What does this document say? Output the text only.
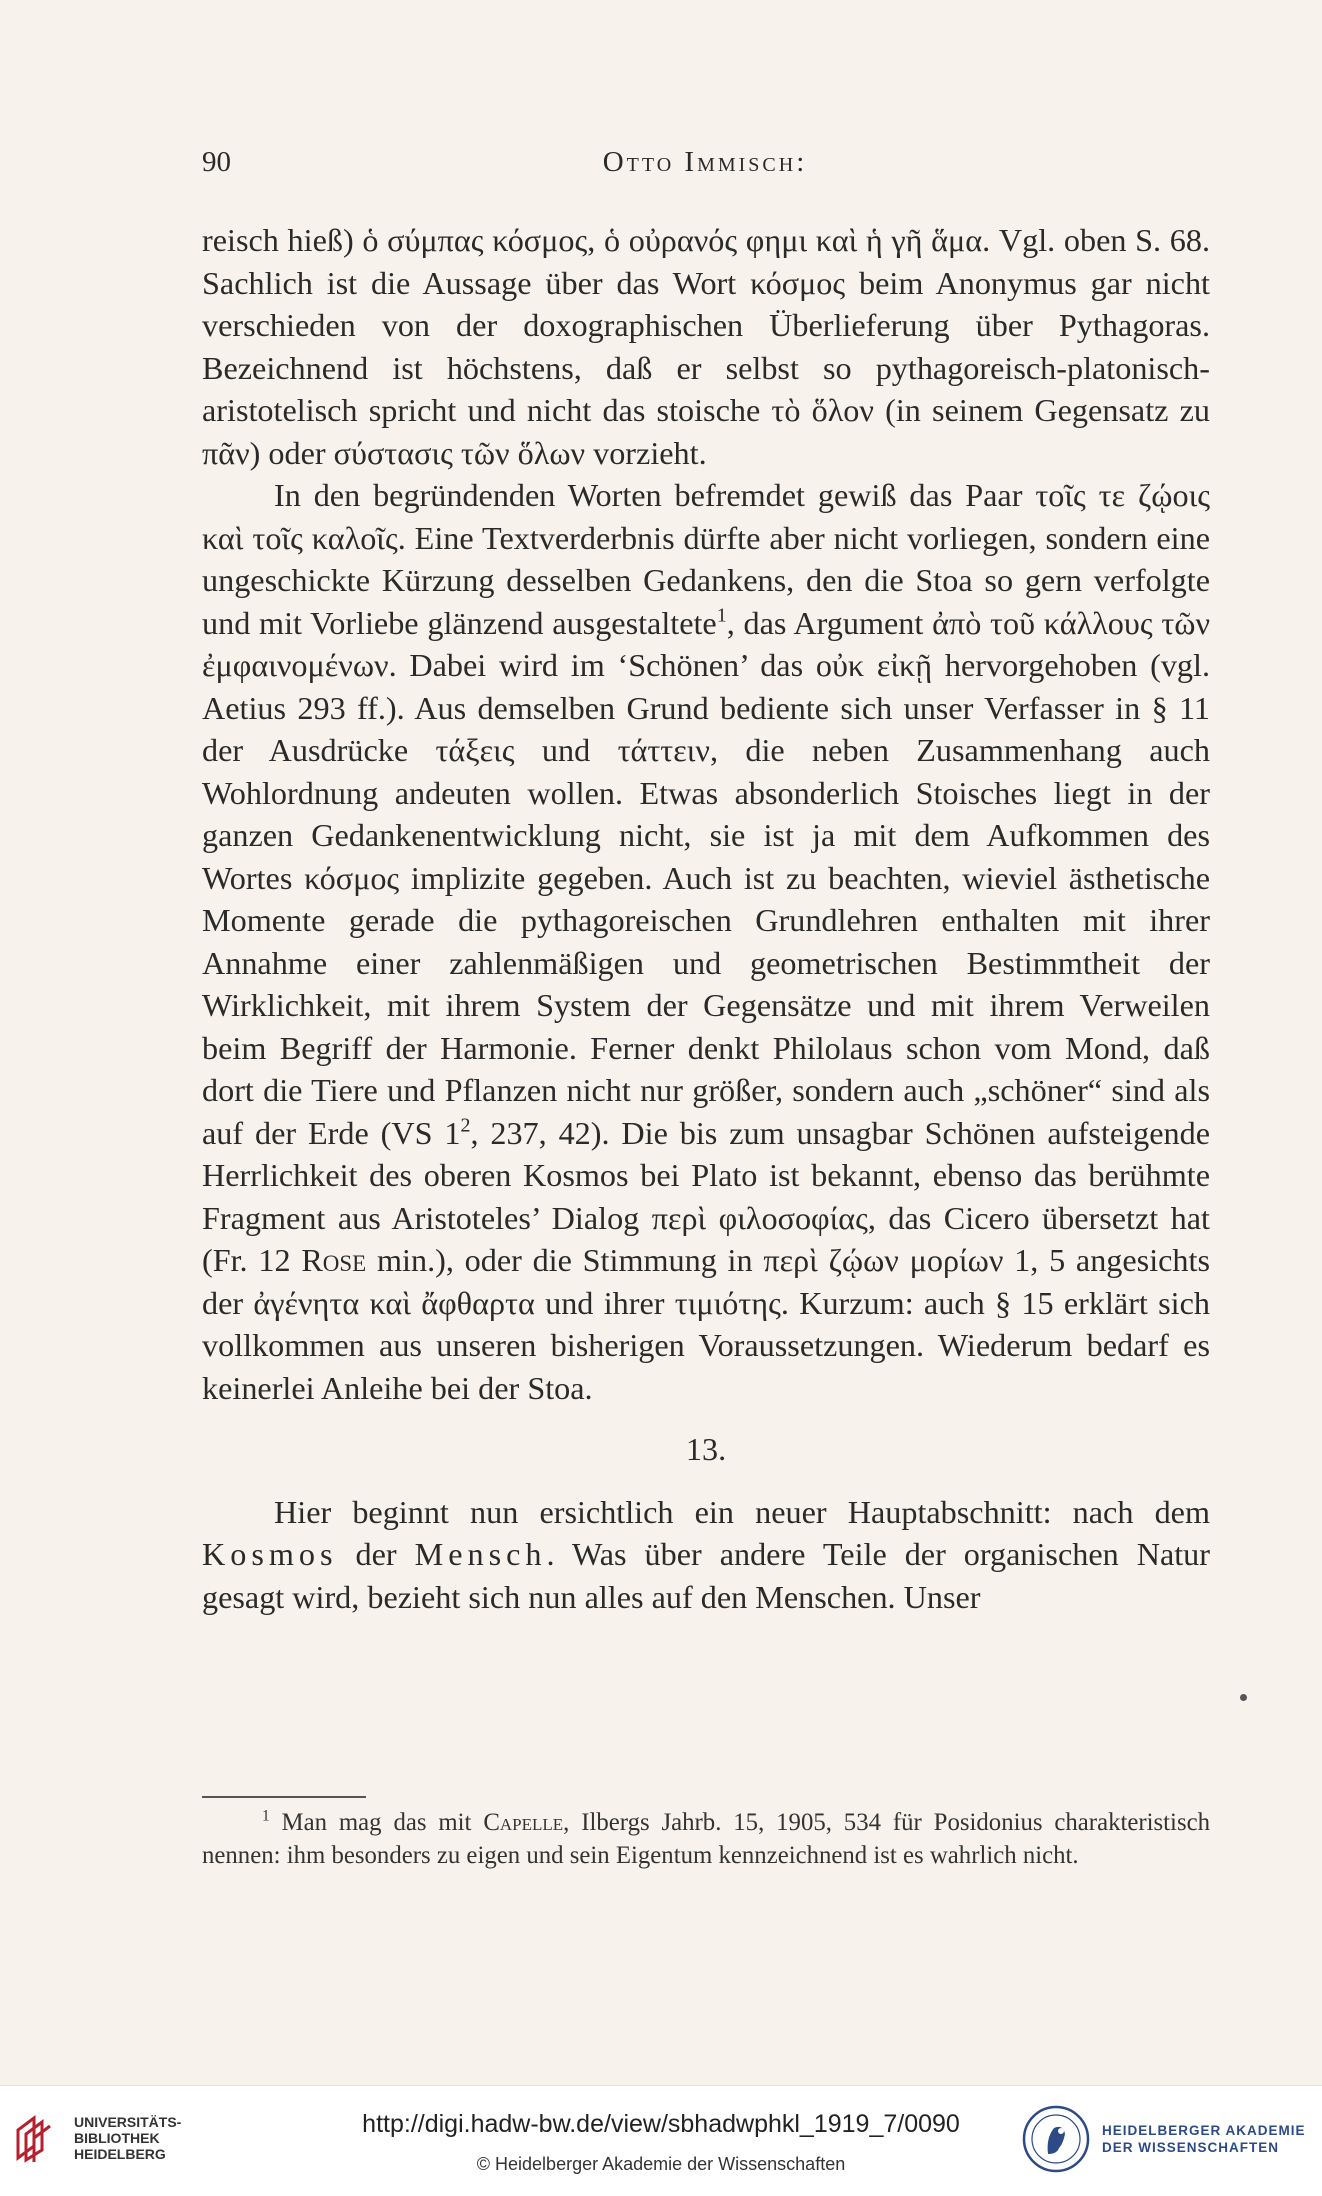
90	Otto Immisch:

reisch hieß) ὁ σύμπας κόσμος, ὁ οὐρανός φημι καὶ ἡ γῆ ἅμα. Vgl. oben S. 68. Sachlich ist die Aussage über das Wort κόσμος beim Anonymus gar nicht verschieden von der doxographischen Überlieferung über Pythagoras. Bezeichnend ist höchstens, daß er selbst so pythagoreisch-platonisch-aristotelisch spricht und nicht das stoische τὸ ὅλον (in seinem Gegensatz zu πᾶν) oder σύστασις τῶν ὅλων vorzieht.

In den begründenden Worten befremdet gewiß das Paar τοῖς τε ζῴοις καὶ τοῖς καλοῖς. Eine Textverderbnis dürfte aber nicht vorliegen, sondern eine ungeschickte Kürzung desselben Gedankens, den die Stoa so gern verfolgte und mit Vorliebe glänzend ausgestaltete$^1$, das Argument ἀπὸ τοῦ κάλλους τῶν ἐμφαινομένων. Dabei wird im ‘Schönen’ das οὐκ εἰκῇ hervorgehoben (vgl. Aetius 293 ff.). Aus demselben Grund bediente sich unser Verfasser in § 11 der Ausdrücke τάξεις und τάττειν, die neben Zusammenhang auch Wohlordnung andeuten wollen. Etwas absonderlich Stoisches liegt in der ganzen Gedankenentwicklung nicht, sie ist ja mit dem Aufkommen des Wortes κόσμος implizite gegeben. Auch ist zu beachten, wieviel ästhetische Momente gerade die pythagoreischen Grundlehren enthalten mit ihrer Annahme einer zahlenmäßigen und geometrischen Bestimmtheit der Wirklichkeit, mit ihrem System der Gegensätze und mit ihrem Verweilen beim Begriff der Harmonie. Ferner denkt Philolaus schon vom Mond, daß dort die Tiere und Pflanzen nicht nur größer, sondern auch „schöner“ sind als auf der Erde (VS $1^2$, 237, 42). Die bis zum unsagbar Schönen aufsteigende Herrlichkeit des oberen Kosmos bei Plato ist bekannt, ebenso das berühmte Fragment aus Aristoteles’ Dialog περὶ φιλοσοφίας, das Cicero übersetzt hat (Fr. 12 Rose min.), oder die Stimmung in περὶ ζῴων μορίων 1, 5 angesichts der ἀγένητα καὶ ἄφθαρτα und ihrer τιμιότης. Kurzum: auch § 15 erklärt sich vollkommen aus unseren bisherigen Voraussetzungen. Wiederum bedarf es keinerlei Anleihe bei der Stoa.

13.

Hier beginnt nun ersichtlich ein neuer Hauptabschnitt: nach dem Kosmos der Mensch. Was über andere Teile der organischen Natur gesagt wird, bezieht sich nun alles auf den Menschen. Unser

$^1$ Man mag das mit Capelle, Ilbergs Jahrb. 15, 1905, 534 für Posidonius charakteristisch nennen: ihm besonders zu eigen und sein Eigentum kennzeichnend ist es wahrlich nicht.
UNIVERSITÄTS-
BIBLIOTHEK
HEIDELBERG
http://digi.hadw-bw.de/view/sbhadwphkl_1919_7/0090
© Heidelberger Akademie der Wissenschaften
HEIDELBERGER AKADEMIE
DER WISSENSCHAFTEN
